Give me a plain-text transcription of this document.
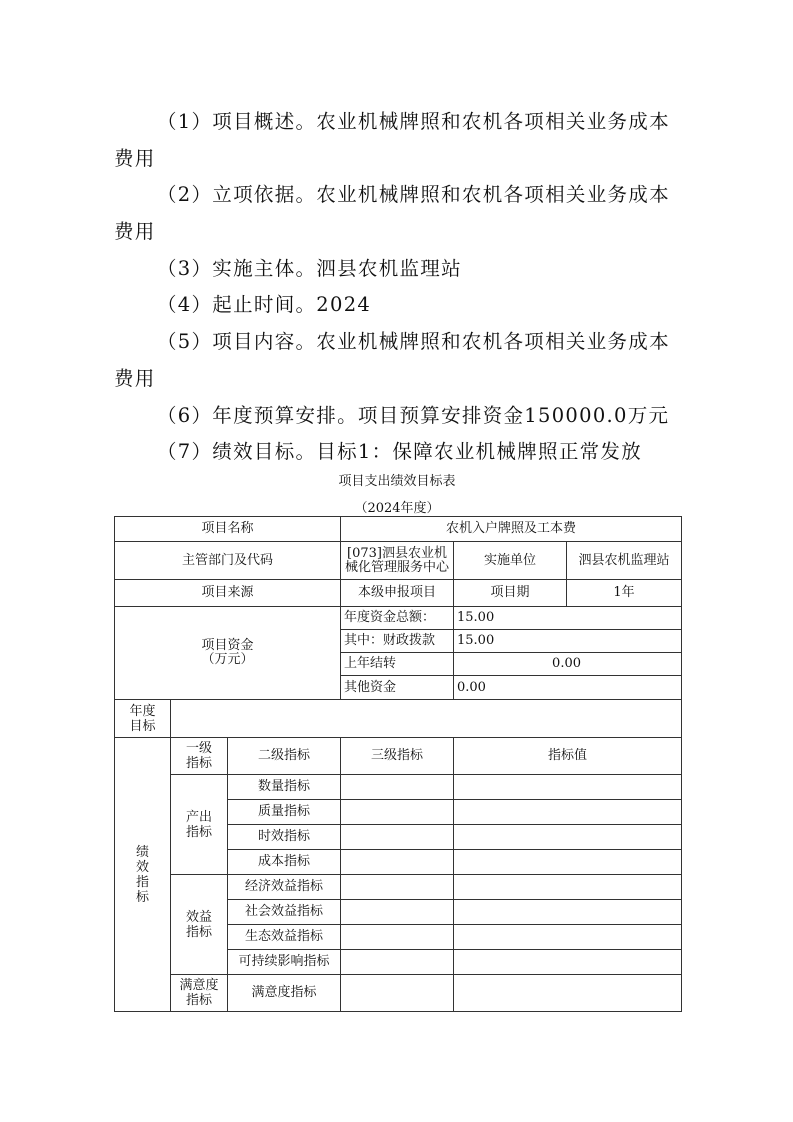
（1）项目概述。农业机械牌照和农机各项相关业务成本
费用
（2）立项依据。农业机械牌照和农机各项相关业务成本
费用
（3）实施主体。泗县农机监理站
（4）起止时间。2024
（5）项目内容。农业机械牌照和农机各项相关业务成本
费用
（6）年度预算安排。项目预算安排资金150000.0万元
（7）绩效目标。目标1：保障农业机械牌照正常发放
项目支出绩效目标表
（2024年度）
项目名称			农机入户牌照及工本费		
主管部门及代码			[073]泗县农业机械化管理服务中心	实施单位	泗县农机监理站
项目来源			本级申报项目	项目期	1年

项目资金
（万元）			年度资金总额：	15.00	
			其中：财政拨款	15.00	
			上年结转	0.00	
			其他资金	0.00	
年度目标					
绩效指标	一级指标	二级指标	三级指标	指标值	
	产出指标	数量指标			
		质量指标			
		时效指标			
		成本指标			
	效益指标	经济效益指标			
		社会效益指标			
		生态效益指标			
		可持续影响指标			
	满意度指标	满意度指标			
